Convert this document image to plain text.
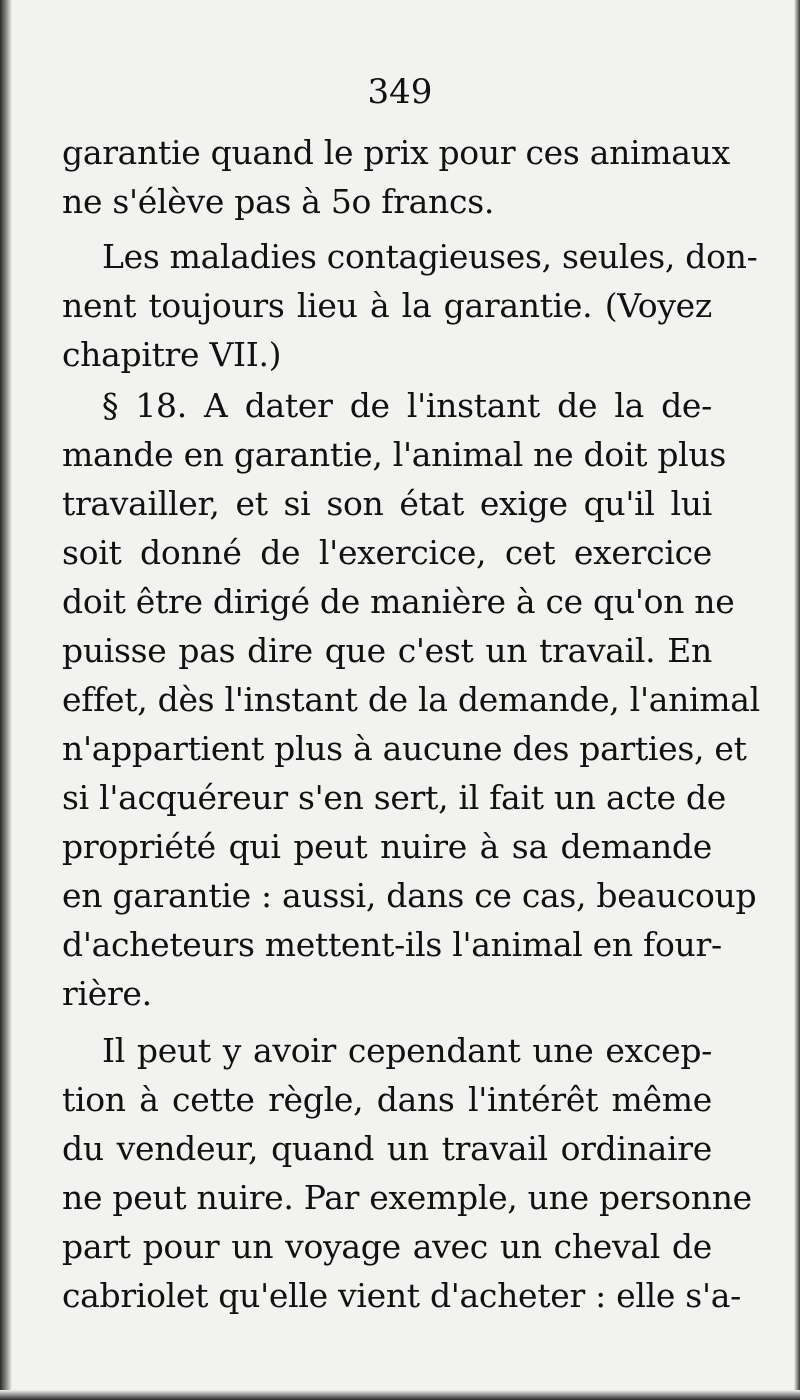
349
garantie quand le prix pour ces animaux
ne s'élève pas à 5o francs.
Les maladies contagieuses, seules, don-
nent toujours lieu à la garantie. (Voyez
chapitre VII.)
§ 18. A dater de l'instant de la de-
mande en garantie, l'animal ne doit plus
travailler, et si son état exige qu'il lui
soit donné de l'exercice, cet exercice
doit être dirigé de manière à ce qu'on ne
puisse pas dire que c'est un travail. En
effet, dès l'instant de la demande, l'animal
n'appartient plus à aucune des parties, et
si l'acquéreur s'en sert, il fait un acte de
propriété qui peut nuire à sa demande
en garantie : aussi, dans ce cas, beaucoup
d'acheteurs mettent-ils l'animal en four-
rière.
Il peut y avoir cependant une excep-
tion à cette règle, dans l'intérêt même
du vendeur, quand un travail ordinaire
ne peut nuire. Par exemple, une personne
part pour un voyage avec un cheval de
cabriolet qu'elle vient d'acheter : elle s'a-
